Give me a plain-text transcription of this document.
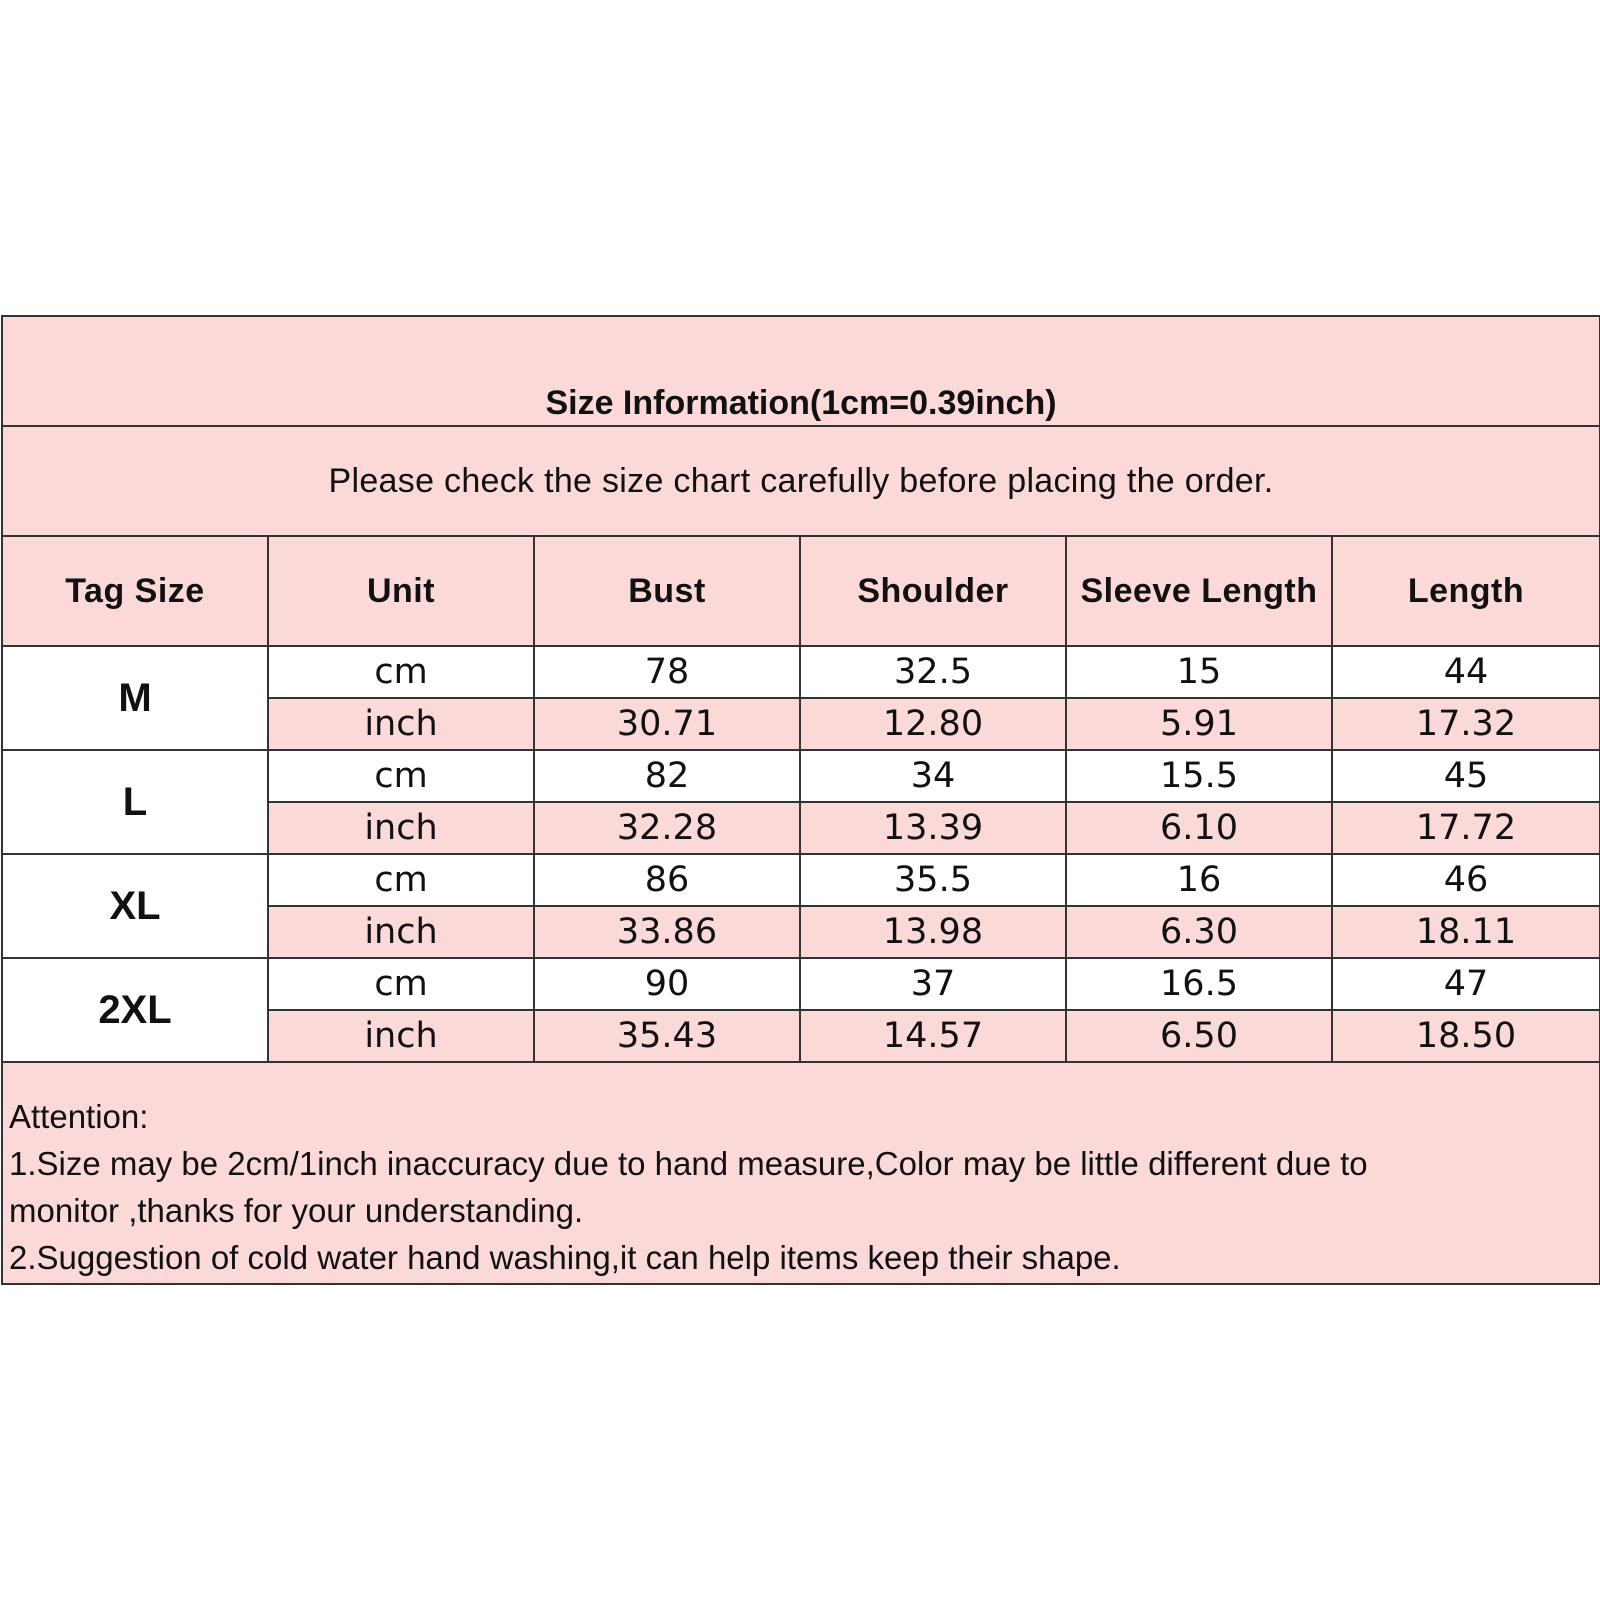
Size Information(1cm=0.39inch)					
Please check the size chart carefully before placing the order.					
Tag Size	Unit	Bust	Shoulder	Sleeve Length	Length
M	cm	78	32.5	15	44
	inch	30.71	12.80	5.91	17.32
L	cm	82	34	15.5	45
	inch	32.28	13.39	6.10	17.72
XL	cm	86	35.5	16	46
	inch	33.86	13.98	6.30	18.11
2XL	cm	90	37	16.5	47
	inch	35.43	14.57	6.50	18.50

Attention:
1.Size may be 2cm/1inch inaccuracy due to hand measure,Color may be little different due to
monitor ,thanks for your understanding.
2.Suggestion of cold water hand washing,it can help items keep their shape.					
